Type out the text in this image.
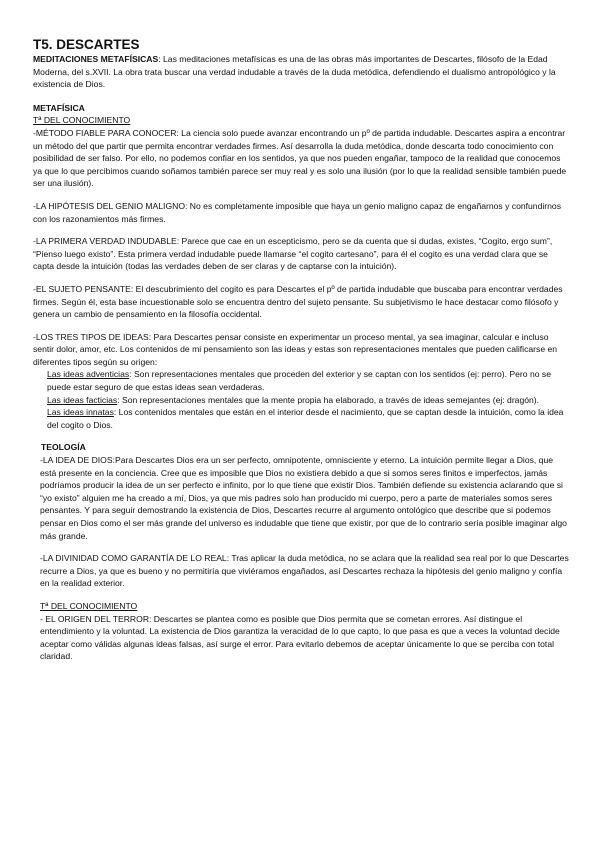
T5. DESCARTES

MEDITACIONES METAFÍSICAS: Las meditaciones metafísicas es una de las obras más importantes de Descartes, filósofo de la Edad Moderna, del s.XVII. La obra trata buscar una verdad indudable a través de la duda metódica, defendiendo el dualismo antropológico y la existencia de Dios.

METAFÍSICA
Tª DEL CONOCIMIENTO

-MÉTODO FIABLE PARA CONOCER: La ciencia solo puede avanzar encontrando un pº de partida indudable. Descartes aspira a encontrar un método del que partir que permita encontrar verdades firmes. Así desarrolla la duda metódica, donde descarta todo conocimiento con posibilidad de ser falso. Por ello, no podemos confiar en los sentidos, ya que nos pueden engañar, tampoco de la realidad que conocemos ya que lo que percibimos cuando soñamos también parece ser muy real y es solo una ilusión (por lo que la realidad sensible también puede ser una ilusión).

-LA HIPÓTESIS DEL GENIO MALIGNO: No es completamente imposible que haya un genio maligno capaz de engañarnos y confundirnos con los razonamientos más firmes.

-LA PRIMERA VERDAD INDUDABLE: Parece que cae en un escepticismo, pero se da cuenta que si dudas, existes, “Cogito, ergo sum”, “Pienso luego existo”. Esta primera verdad indudable puede llamarse “el cogito cartesano”, para él el cogito es una verdad clara que se capta desde la intuición (todas las verdades deben de ser claras y de captarse con la intuición).

-EL SUJETO PENSANTE: El descubrimiento del cogito es para Descartes el pº de partida indudable que buscaba para encontrar verdades firmes. Según él, esta base incuestionable solo se encuentra dentro del sujeto pensante. Su subjetivismo le hace destacar como filósofo y genera un cambio de pensamiento en la filosofía occidental.

-LOS TRES TIPOS DE IDEAS: Para Descartes pensar consiste en experimentar un proceso mental, ya sea imaginar, calcular e incluso sentir dolor, amor, etc. Los contenidos de mi pensamiento son las ideas y estas son representaciones mentales que pueden calificarse en diferentes tipos según su origen:

Las ideas adventicias: Son representaciones mentales que proceden del exterior y se captan con los sentidos (ej: perro). Pero no se puede estar seguro de que estas ideas sean verdaderas.

Las ideas facticias: Son representaciones mentales que la mente propia ha elaborado, a través de ideas semejantes (ej: dragón).

Las ideas innatas: Los contenidos mentales que están en el interior desde el nacimiento, que se captan desde la intuición, como la idea del cogito o Dios.

TEOLOGÍA

-LA IDEA DE DIOS:Para Descartes Dios era un ser perfecto, omnipotente, omnisciente y eterno. La intuición permite llegar a Dios, que está presente en la conciencia. Cree que es imposible que Dios no existiera debido a que si somos seres finitos e imperfectos, jamás podríamos producir la idea de un ser perfecto e infinito, por lo que tiene que existir Dios. También defiende su existencia aclarando que si “yo existo” alguien me ha creado a mí, Dios, ya que mis padres solo han producido mi cuerpo, pero a parte de materiales somos seres pensantes. Y para seguir demostrando la existencia de Dios, Descartes recurre al argumento ontológico que describe que si podemos pensar en Dios como el ser más grande del universo es indudable que tiene que existir, por que de lo contrario sería posible imaginar algo más grande.

-LA DIVINIDAD COMO GARANTÍA DE LO REAL: Tras aplicar la duda metódica, no se aclara que la realidad sea real por lo que Descartes recurre a Dios, ya que es bueno y no permitiría que viviéramos engañados, así Descartes rechaza la hipótesis del genio maligno y confía en la realidad exterior.

Tª DEL CONOCIMIENTO

- EL ORIGEN DEL TERROR: Descartes se plantea como es posible que Dios permita que se cometan errores. Así distingue el entendimiento y la voluntad. La existencia de Dios garantiza la veracidad de lo que capto, lo que pasa es que a veces la voluntad decide aceptar como válidas algunas ideas falsas, así surge el error. Para evitarlo debemos de aceptar únicamente lo que se perciba con total claridad.
